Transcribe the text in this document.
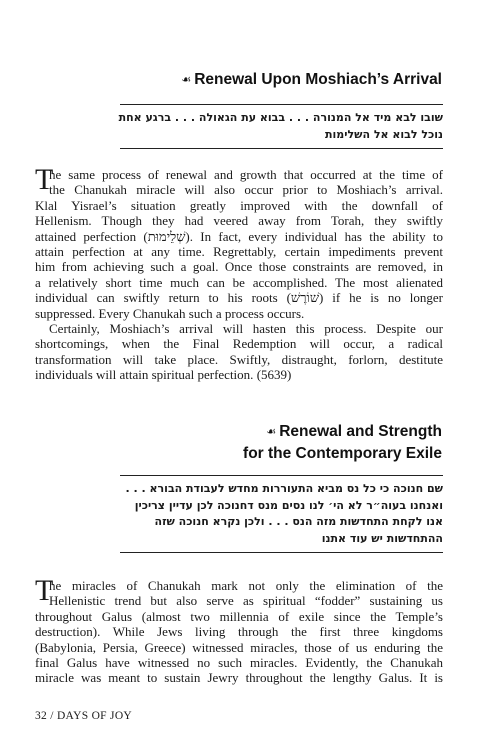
☙ Renewal Upon Moshiach’s Arrival
שובו לבא מיד אל המנורה . . . בבוא עת הגאולה . . . ברגע אחת
נוכל לבוא אל השלימות
T
he same process of renewal and growth that occurred at the time of
the Chanukah miracle will also occur prior to Moshiach’s arrival.
Klal Yisrael’s situation greatly improved with the downfall of
Hellenism. Though they had veered away from Torah, they swiftly
attained perfection (שְׁלֵימוּת). In fact, every individual has the ability to
attain perfection at any time. Regrettably, certain impediments prevent
him from achieving such a goal. Once those constraints are removed, in
a relatively short time much can be accomplished. The most alienated
individual can swiftly return to his roots (שׁוֹרֶשׁ) if he is no longer
suppressed. Every Chanukah such a process occurs.
Certainly, Moshiach’s arrival will hasten this process. Despite our
shortcomings, when the Final Redemption will occur, a radical
transformation will take place. Swiftly, distraught, forlorn, destitute
individuals will attain spiritual perfection. (5639)
☙ Renewal and Strength
for the Contemporary Exile
שם חנוכה כי כל נס מביא התעוררות מחדש לעבודת הבורא . . .
ואנחנו בעוה״ר לא הי׳ לנו נסים מנס דחנוכה לכן עדיין צריכין
אנו לקחת התחדשות מזה הנס . . . ולכן נקרא חנוכה שזה
ההתחדשות יש עוד אתנו
T
he miracles of Chanukah mark not only the elimination of the
Hellenistic trend but also serve as spiritual “fodder” sustaining us
throughout Galus (almost two millennia of exile since the Temple’s
destruction). While Jews living through the first three kingdoms
(Babylonia, Persia, Greece) witnessed miracles, those of us enduring the
final Galus have witnessed no such miracles. Evidently, the Chanukah
miracle was meant to sustain Jewry throughout the lengthy Galus. It is
32 / DAYS OF JOY
